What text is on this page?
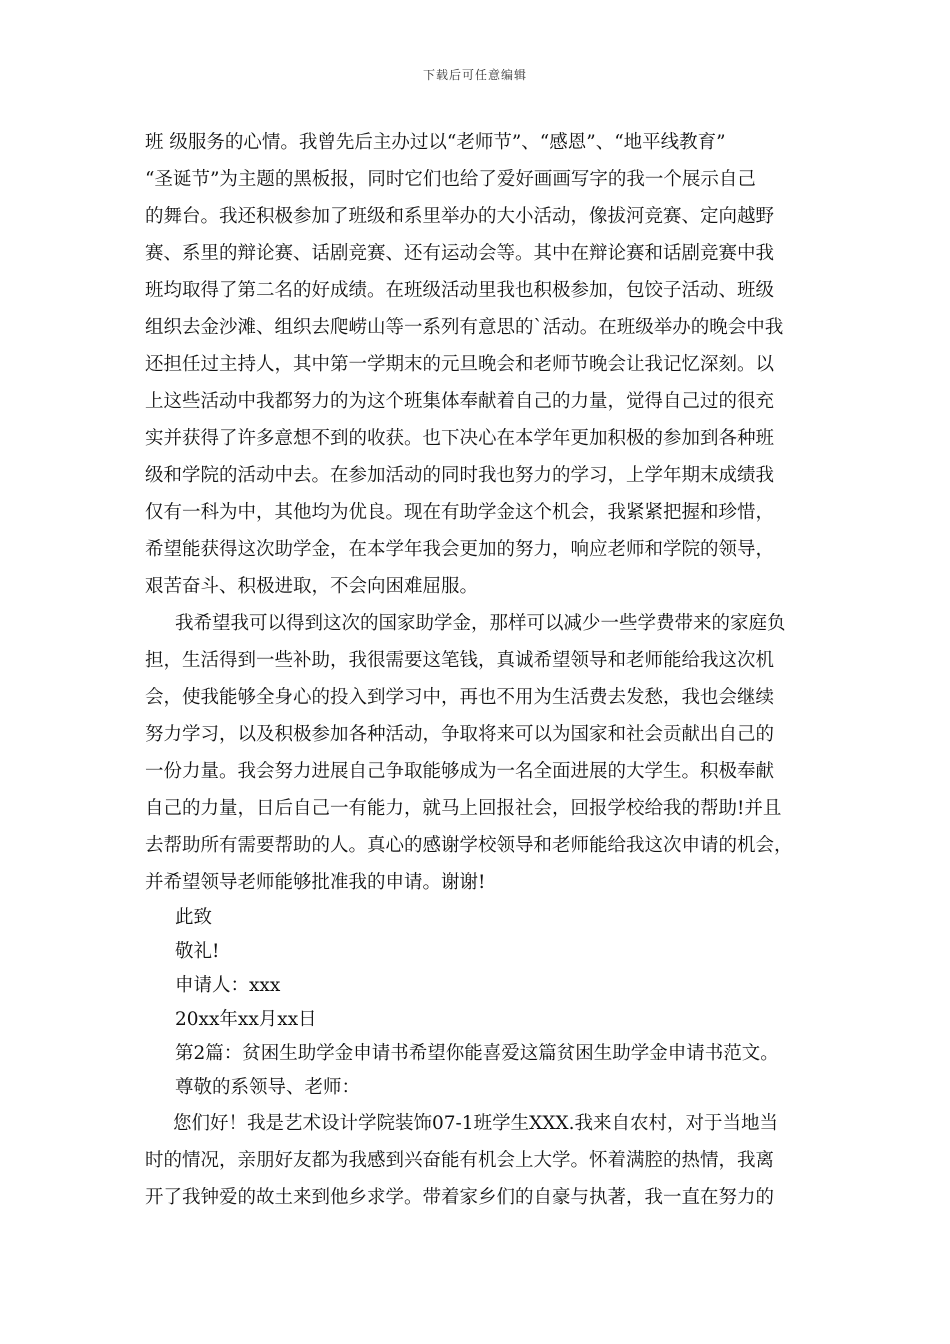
下载后可任意编辑
班 级服务的心情。我曾先后主办过以“老师节”、“感恩”、“地平线教育”
“圣诞节”为主题的黑板报，同时它们也给了爱好画画写字的我一个展示自己
的舞台。我还积极参加了班级和系里举办的大小活动，像拔河竞赛、定向越野
赛、系里的辩论赛、话剧竞赛、还有运动会等。其中在辩论赛和话剧竞赛中我
班均取得了第二名的好成绩。在班级活动里我也积极参加，包饺子活动、班级
组织去金沙滩、组织去爬崂山等一系列有意思的`活动。在班级举办的晚会中我
还担任过主持人，其中第一学期末的元旦晚会和老师节晚会让我记忆深刻。以
上这些活动中我都努力的为这个班集体奉献着自己的力量，觉得自己过的很充
实并获得了许多意想不到的收获。也下决心在本学年更加积极的参加到各种班
级和学院的活动中去。在参加活动的同时我也努力的学习，上学年期末成绩我
仅有一科为中，其他均为优良。现在有助学金这个机会，我紧紧把握和珍惜，
希望能获得这次助学金，在本学年我会更加的努力，响应老师和学院的领导，
艰苦奋斗、积极进取，不会向困难屈服。
我希望我可以得到这次的国家助学金，那样可以减少一些学费带来的家庭负
担，生活得到一些补助，我很需要这笔钱，真诚希望领导和老师能给我这次机
会，使我能够全身心的投入到学习中，再也不用为生活费去发愁，我也会继续
努力学习，以及积极参加各种活动，争取将来可以为国家和社会贡献出自己的
一份力量。我会努力进展自己争取能够成为一名全面进展的大学生。积极奉献
自己的力量，日后自己一有能力，就马上回报社会，回报学校给我的帮助!并且
去帮助所有需要帮助的人。真心的感谢学校领导和老师能给我这次申请的机会，
并希望领导老师能够批准我的申请。谢谢!
此致
敬礼!
申请人：xxx
20xx年xx月xx日
第2篇：贫困生助学金申请书希望你能喜爱这篇贫困生助学金申请书范文。
尊敬的系领导、老师：
您们好！我是艺术设计学院装饰07-1班学生XXX.我来自农村，对于当地当
时的情况，亲朋好友都为我感到兴奋能有机会上大学。怀着满腔的热情，我离
开了我钟爱的故土来到他乡求学。带着家乡们的自豪与执著，我一直在努力的
